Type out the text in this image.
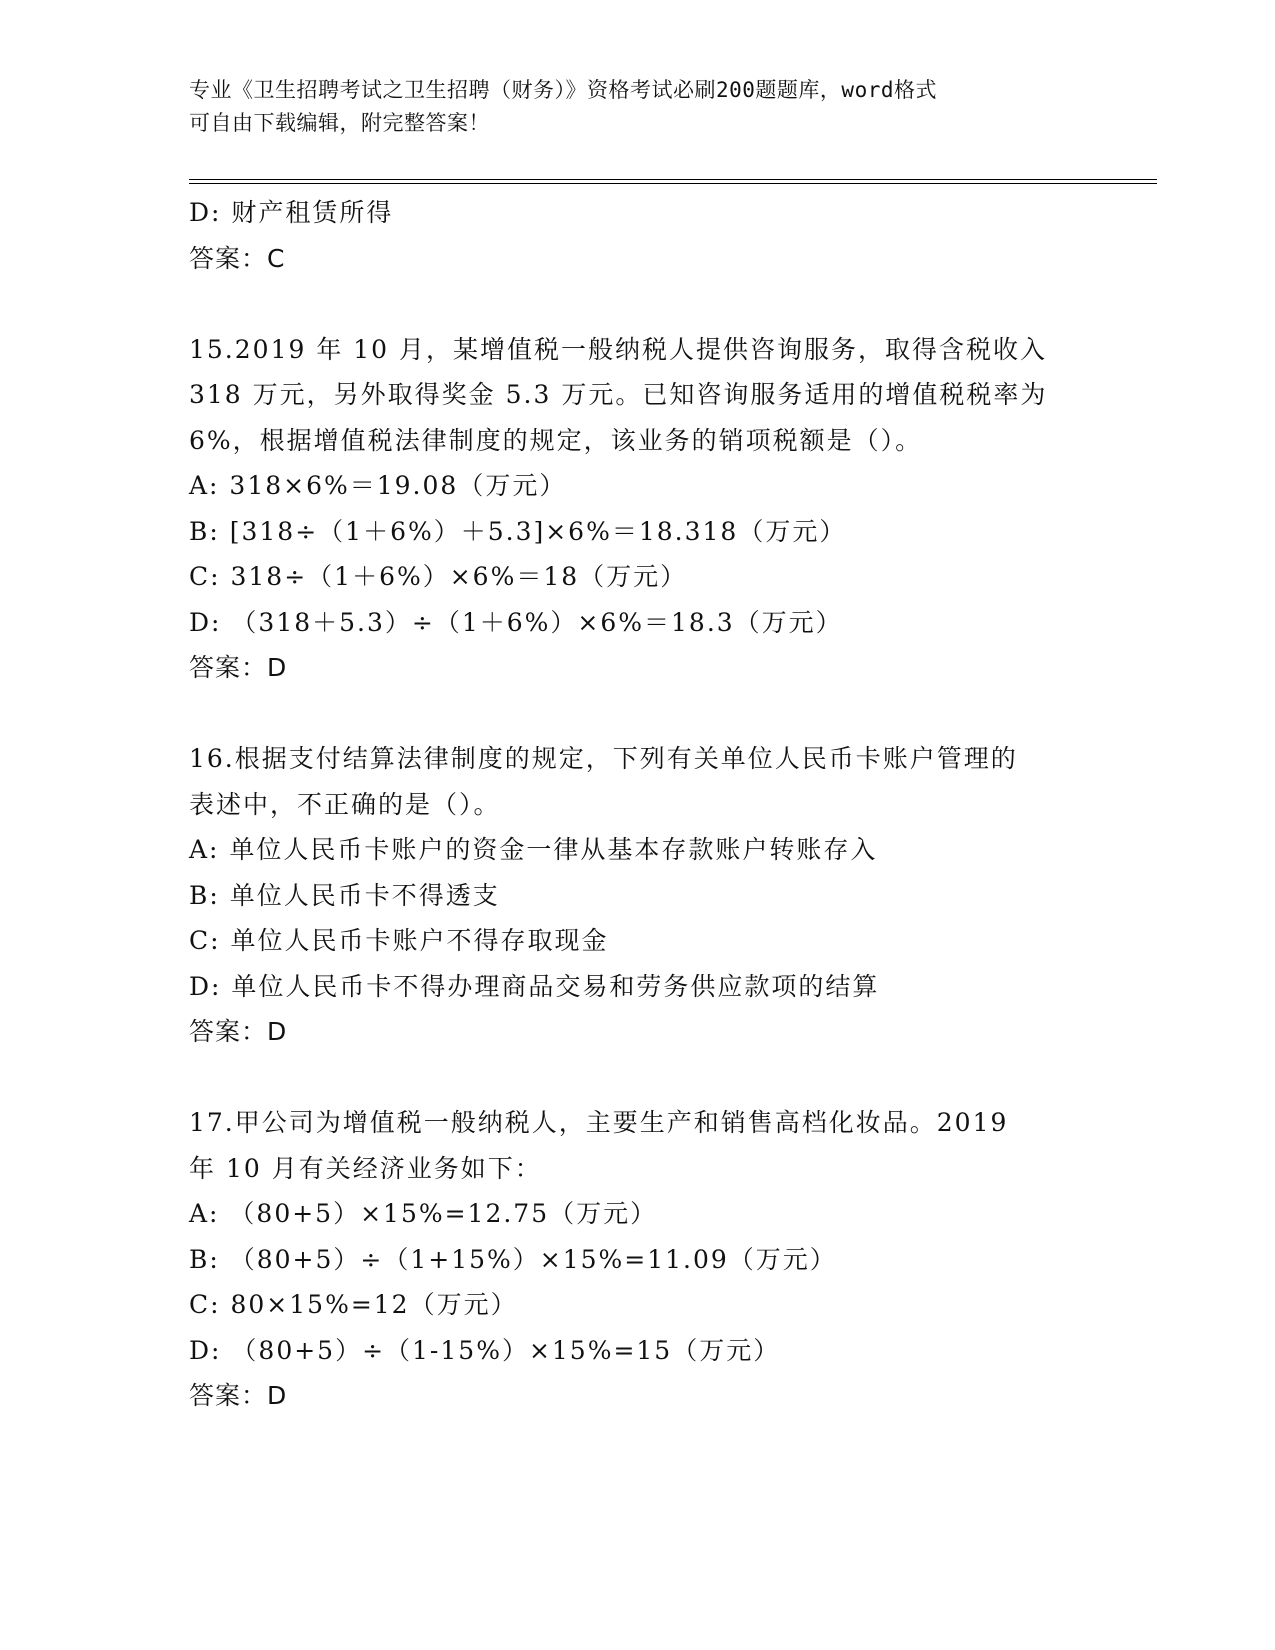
专业《卫生招聘考试之卫生招聘（财务）》资格考试必刷200题题库，word格式
可自由下载编辑，附完整答案！
D: 财产租赁所得
答案：C
15.2019 年 10 月，某增值税一般纳税人提供咨询服务，取得含税收入
318 万元，另外取得奖金 5.3 万元。已知咨询服务适用的增值税税率为
6%，根据增值税法律制度的规定，该业务的销项税额是（）。
A: 318×6%＝19.08（万元）
B: [318÷（1＋6%）＋5.3]×6%＝18.318（万元）
C: 318÷（1＋6%）×6%＝18（万元）
D: （318＋5.3）÷（1＋6%）×6%＝18.3（万元）
答案：D
16.根据支付结算法律制度的规定，下列有关单位人民币卡账户管理的
表述中，不正确的是（）。
A: 单位人民币卡账户的资金一律从基本存款账户转账存入
B: 单位人民币卡不得透支
C: 单位人民币卡账户不得存取现金
D: 单位人民币卡不得办理商品交易和劳务供应款项的结算
答案：D
17.甲公司为增值税一般纳税人，主要生产和销售高档化妆品。2019
年 10 月有关经济业务如下：
A: （80+5）×15%=12.75（万元）
B: （80+5）÷（1+15%）×15%=11.09（万元）
C: 80×15%=12（万元）
D: （80+5）÷（1-15%）×15%=15（万元）
答案：D
